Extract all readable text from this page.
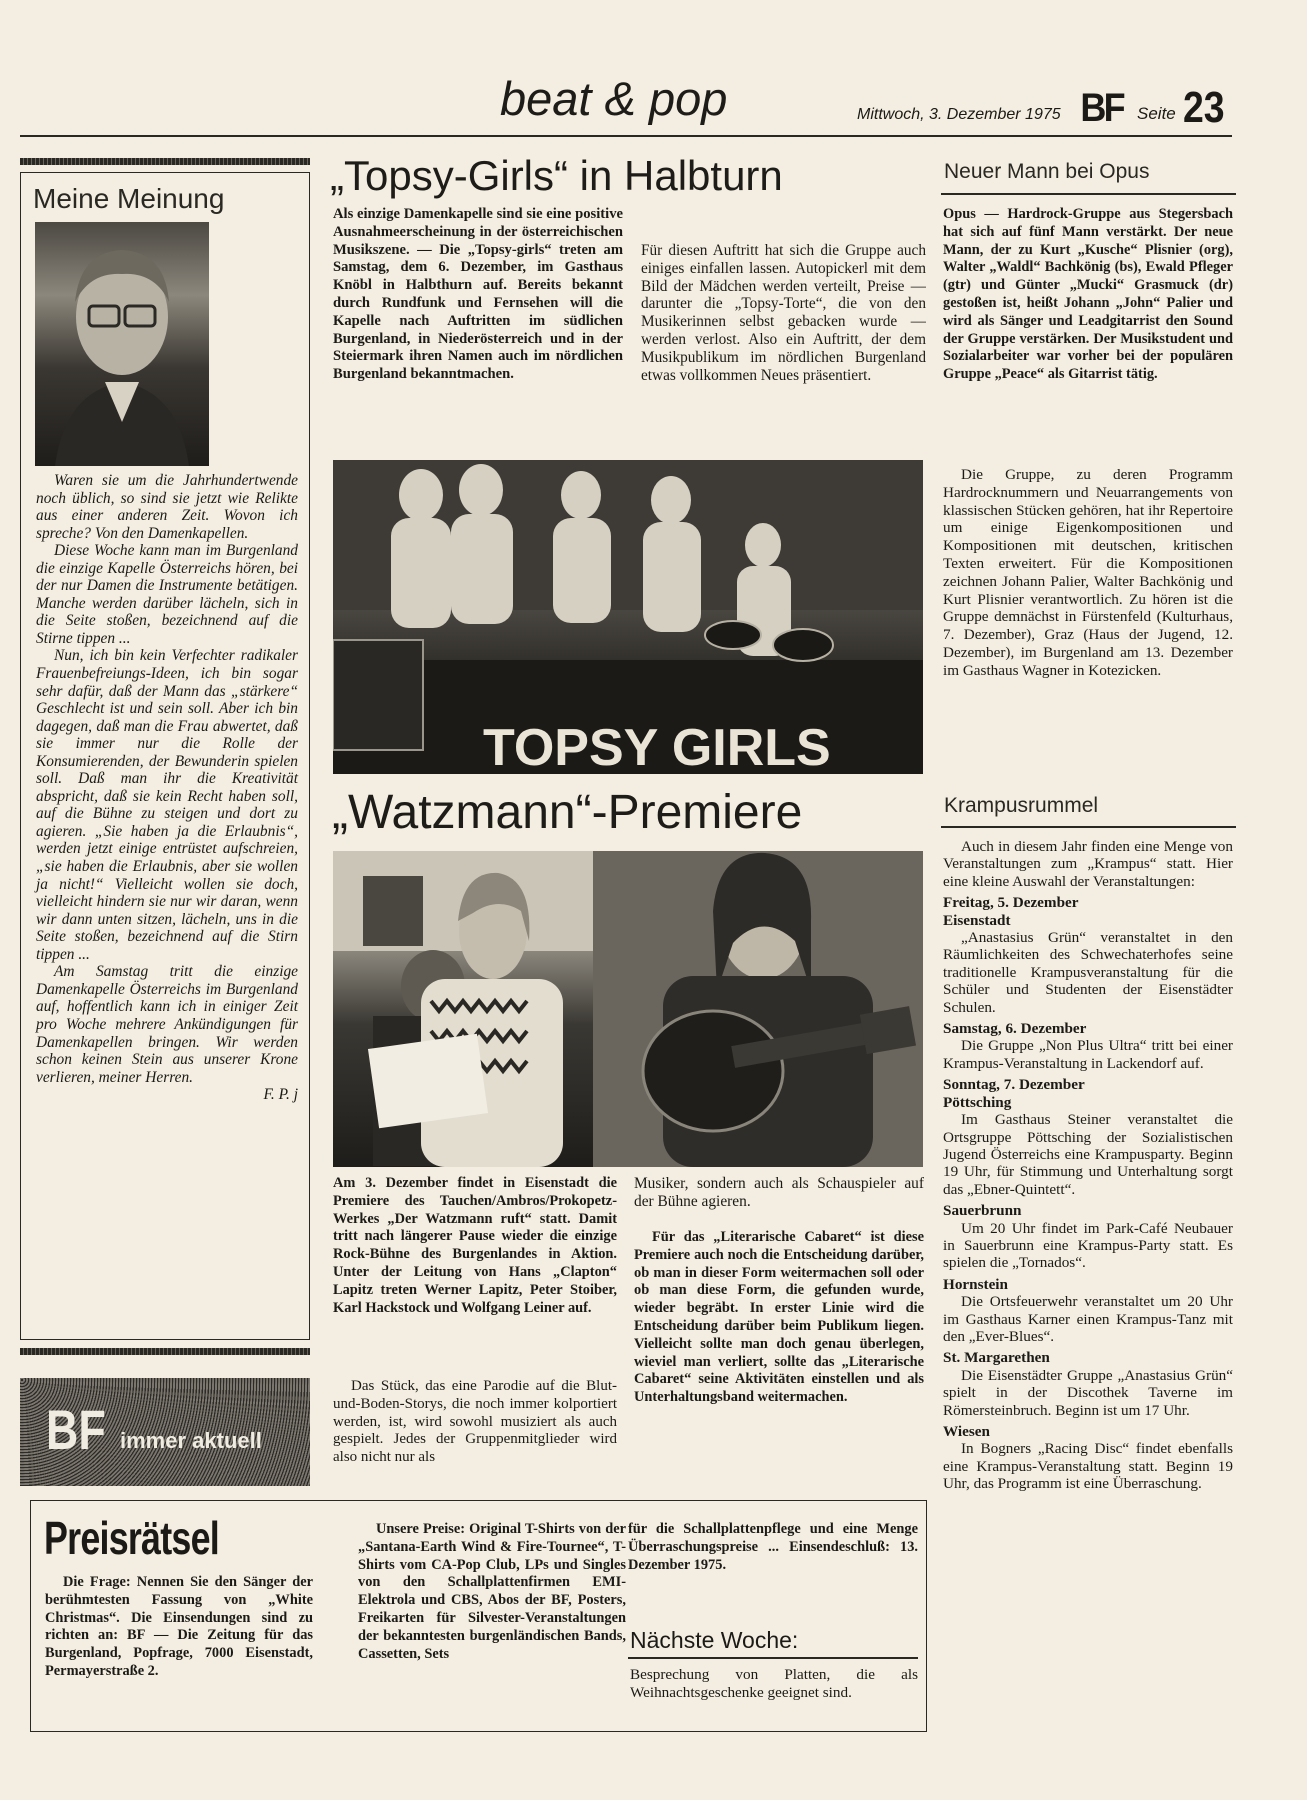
beat & pop	Mittwoch, 3. Dezember 1975 BF Seite 23
Meine Meinung

Waren sie um die Jahrhundertwende noch üblich, so sind sie jetzt wie Relikte aus einer anderen Zeit. Wovon ich spreche? Von den Damenkapellen.

Diese Woche kann man im Burgenland die einzige Kapelle Österreichs hören, bei der nur Damen die Instrumente betätigen. Manche werden darüber lächeln, sich in die Seite stoßen, bezeichnend auf die Stirne tippen ...

Nun, ich bin kein Verfechter radikaler Frauenbefreiungs-Ideen, ich bin sogar sehr dafür, daß der Mann das „stärkere“ Geschlecht ist und sein soll. Aber ich bin dagegen, daß man die Frau abwertet, daß sie immer nur die Rolle der Konsumierenden, der Bewunderin spielen soll. Daß man ihr die Kreativität abspricht, daß sie kein Recht haben soll, auf die Bühne zu steigen und dort zu agieren. „Sie haben ja die Erlaubnis“, werden jetzt einige entrüstet aufschreien, „sie haben die Erlaubnis, aber sie wollen ja nicht!“ Vielleicht wollen sie doch, vielleicht hindern sie nur wir daran, wenn wir dann unten sitzen, lächeln, uns in die Seite stoßen, bezeichnend auf die Stirn tippen ...

Am Samstag tritt die einzige Damenkapelle Österreichs im Burgenland auf, hoffentlich kann ich in einiger Zeit pro Woche mehrere Ankündigungen für Damenkapellen bringen. Wir werden schon keinen Stein aus unserer Krone verlieren, meiner Herren.

F. P. j

BF immer aktuell
„Topsy-Girls“ in Halbturn
Als einzige Damenkapelle sind sie eine positive Ausnahmeerscheinung in der österreichischen Musikszene. — Die „Topsy-girls“ treten am Samstag, dem 6. Dezember, im Gasthaus Knöbl in Halbthurn auf. Bereits bekannt durch Rundfunk und Fernsehen will die Kapelle nach Auftritten im südlichen Burgenland, in Niederösterreich und in der Steiermark ihren Namen auch im nördlichen Burgenland bekanntmachen.
Für diesen Auftritt hat sich die Gruppe auch einiges einfallen lassen. Autopickerl mit dem Bild der Mädchen werden verteilt, Preise — darunter die „Topsy-Torte“, die von den Musikerinnen selbst gebacken wurde — werden verlost. Also ein Auftritt, der dem Musikpublikum im nördlichen Burgenland etwas vollkommen Neues präsentiert.
TOPSY GIRLS
„Watzmann“-Premiere
Am 3. Dezember findet in Eisenstadt die Premiere des Tauchen/Ambros/Prokopetz-Werkes „Der Watzmann ruft“ statt. Damit tritt nach längerer Pause wieder die einzige Rock-Bühne des Burgenlandes in Aktion. Unter der Leitung von Hans „Clapton“ Lapitz treten Werner Lapitz, Peter Stoiber, Karl Hackstock und Wolfgang Leiner auf.
Das Stück, das eine Parodie auf die Blut-und-Boden-Storys, die noch immer kolportiert werden, ist, wird sowohl musiziert als auch gespielt. Jedes der Gruppenmitglieder wird also nicht nur als
Musiker, sondern auch als Schauspieler auf der Bühne agieren.
Für das „Literarische Cabaret“ ist diese Premiere auch noch die Entscheidung darüber, ob man in dieser Form weitermachen soll oder ob man diese Form, die gefunden wurde, wieder begräbt. In erster Linie wird die Entscheidung darüber beim Publikum liegen. Vielleicht sollte man doch genau überlegen, wieviel man verliert, sollte das „Literarische Cabaret“ seine Aktivitäten einstellen und als Unterhaltungsband weitermachen.
Neuer Mann bei Opus
Opus — Hardrock-Gruppe aus Stegersbach hat sich auf fünf Mann verstärkt. Der neue Mann, der zu Kurt „Kusche“ Plisnier (org), Walter „Waldl“ Bachkönig (bs), Ewald Pfleger (gtr) und Günter „Mucki“ Grasmuck (dr) gestoßen ist, heißt Johann „John“ Palier und wird als Sänger und Leadgitarrist den Sound der Gruppe verstärken. Der Musikstudent und Sozialarbeiter war vorher bei der populären Gruppe „Peace“ als Gitarrist tätig.
Die Gruppe, zu deren Programm Hardrocknummern und Neuarrangements von klassischen Stücken gehören, hat ihr Repertoire um einige Eigenkompositionen und Kompositionen mit deutschen, kritischen Texten erweitert. Für die Kompositionen zeichnen Johann Palier, Walter Bachkönig und Kurt Plisnier verantwortlich. Zu hören ist die Gruppe demnächst in Fürstenfeld (Kulturhaus, 7. Dezember), Graz (Haus der Jugend, 12. Dezember), im Burgenland am 13. Dezember im Gasthaus Wagner in Kotezicken.
Krampusrummel

Auch in diesem Jahr finden eine Menge von Veranstaltungen zum „Krampus“ statt. Hier eine kleine Auswahl der Veranstaltungen:

Freitag, 5. Dezember

Eisenstadt

„Anastasius Grün“ veranstaltet in den Räumlichkeiten des Schwechaterhofes seine traditionelle Krampusveranstaltung für die Schüler und Studenten der Eisenstädter Schulen.

Samstag, 6. Dezember

Die Gruppe „Non Plus Ultra“ tritt bei einer Krampus-Veranstaltung in Lackendorf auf.

Sonntag, 7. Dezember

Pöttsching

Im Gasthaus Steiner veranstaltet die Ortsgruppe Pöttsching der Sozialistischen Jugend Österreichs eine Krampusparty. Beginn 19 Uhr, für Stimmung und Unterhaltung sorgt das „Ebner-Quintett“.

Sauerbrunn

Um 20 Uhr findet im Park-Café Neubauer in Sauerbrunn eine Krampus-Party statt. Es spielen die „Tornados“.

Hornstein

Die Ortsfeuerwehr veranstaltet um 20 Uhr im Gasthaus Karner einen Krampus-Tanz mit den „Ever-Blues“.

St. Margarethen

Die Eisenstädter Gruppe „Anastasius Grün“ spielt in der Discothek Taverne im Römersteinbruch. Beginn ist um 17 Uhr.

Wiesen

In Bogners „Racing Disc“ findet ebenfalls eine Krampus-Veranstaltung statt. Beginn 19 Uhr, das Programm ist eine Überraschung.

Preisrätsel
Die Frage: Nennen Sie den Sänger der berühmtesten Fassung von „White Christmas“. Die Einsendungen sind zu richten an: BF — Die Zeitung für das Burgenland, Popfrage, 7000 Eisenstadt, Permayerstraße 2.
Unsere Preise: Original T-Shirts von der „Santana-Earth Wind & Fire-Tournee“, T-Shirts vom CA-Pop Club, LPs und Singles von den Schallplattenfirmen EMI-Elektrola und CBS, Abos der BF, Posters, Freikarten für Silvester-Veranstaltungen der bekanntesten burgenländischen Bands, Cassetten, Sets
für die Schallplattenpflege und eine Menge Überraschungspreise ... Einsendeschluß: 13. Dezember 1975.
Nächste Woche:
Besprechung von Platten, die als Weihnachtsgeschenke geeignet sind.
